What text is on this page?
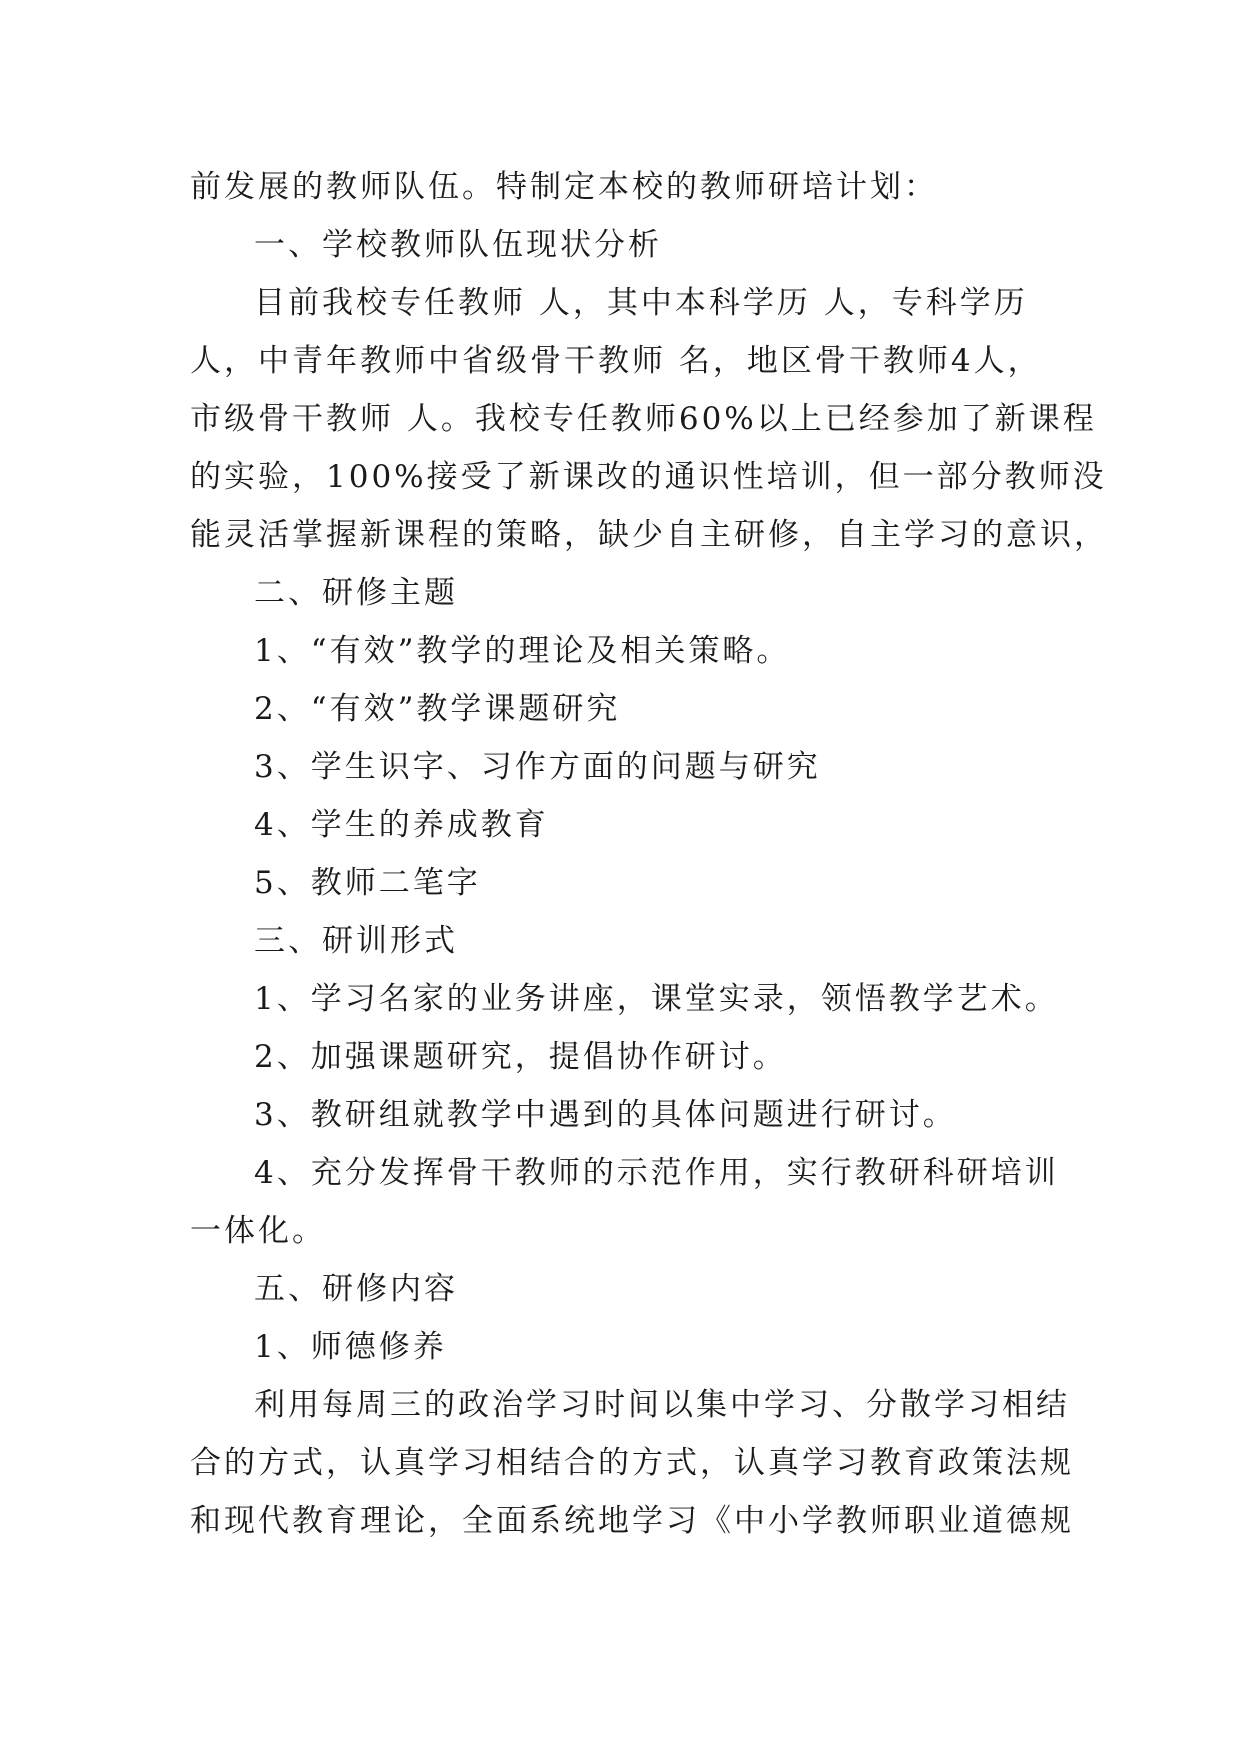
前发展的教师队伍。特制定本校的教师研培计划：
一、学校教师队伍现状分析
目前我校专任教师 人，其中本科学历 人，专科学历
人，中青年教师中省级骨干教师 名，地区骨干教师4人，
市级骨干教师 人。我校专任教师60%以上已经参加了新课程
的实验，100%接受了新课改的通识性培训，但一部分教师没
能灵活掌握新课程的策略，缺少自主研修，自主学习的意识，
二、研修主题
1、“有效”教学的理论及相关策略。
2、“有效”教学课题研究
3、学生识字、习作方面的问题与研究
4、学生的养成教育
5、教师二笔字
三、研训形式
1、学习名家的业务讲座，课堂实录，领悟教学艺术。
2、加强课题研究，提倡协作研讨。
3、教研组就教学中遇到的具体问题进行研讨。
4、充分发挥骨干教师的示范作用，实行教研科研培训
一体化。
五、研修内容
1、师德修养
利用每周三的政治学习时间以集中学习、分散学习相结
合的方式，认真学习相结合的方式，认真学习教育政策法规
和现代教育理论，全面系统地学习《中小学教师职业道德规
